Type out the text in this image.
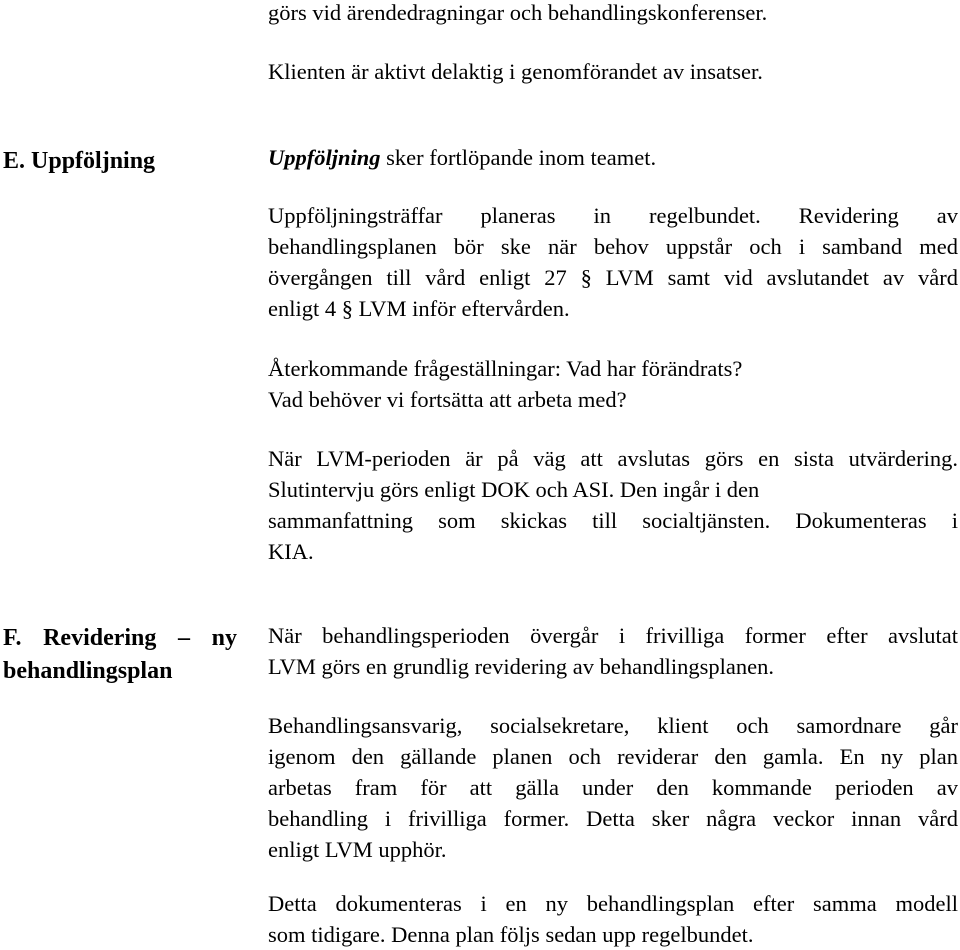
görs vid ärendedragningar och behandlingskonferenser.
Klienten är aktivt delaktig i genomförandet av insatser.
E. Uppföljning	Uppföljning sker fortlöpande inom teamet.
Uppföljningsträffar planeras in regelbundet. Revidering av
behandlingsplanen bör ske när behov uppstår och i samband med
övergången till vård enligt 27 § LVM samt vid avslutandet av vård
enligt 4 § LVM inför eftervården.
Återkommande frågeställningar: Vad har förändrats?
Vad behöver vi fortsätta att arbeta med?
När LVM-perioden är på väg att avslutas görs en sista utvärdering.
Slutintervju görs enligt DOK och ASI. Den ingår i den
sammanfattning som skickas till socialtjänsten. Dokumenteras i
KIA.
F. Revidering – ny
behandlingsplan
När behandlingsperioden övergår i frivilliga former efter avslutat
LVM görs en grundlig revidering av behandlingsplanen.
Behandlingsansvarig, socialsekretare, klient och samordnare går
igenom den gällande planen och reviderar den gamla. En ny plan
arbetas fram för att gälla under den kommande perioden av
behandling i frivilliga former. Detta sker några veckor innan vård
enligt LVM upphör.
Detta dokumenteras i en ny behandlingsplan efter samma modell
som tidigare. Denna plan följs sedan upp regelbundet.
